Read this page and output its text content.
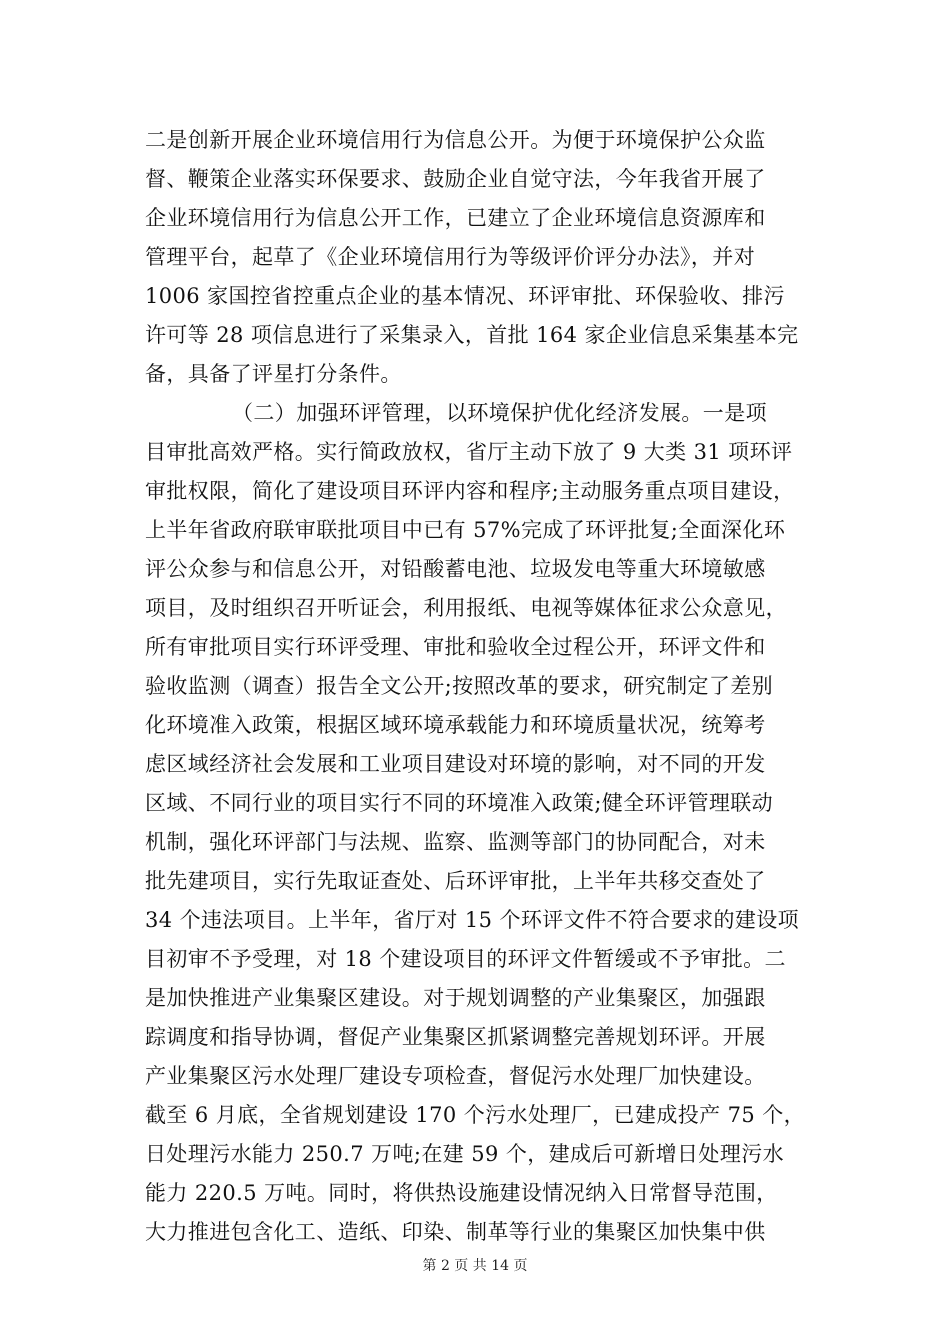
二是创新开展企业环境信用行为信息公开。为便于环境保护公众监
督、鞭策企业落实环保要求、鼓励企业自觉守法，今年我省开展了
企业环境信用行为信息公开工作，已建立了企业环境信息资源库和
管理平台，起草了《企业环境信用行为等级评价评分办法》，并对
1006 家国控省控重点企业的基本情况、环评审批、环保验收、排污
许可等 28 项信息进行了采集录入，首批 164 家企业信息采集基本完
备，具备了评星打分条件。
（二）加强环评管理，以环境保护优化经济发展。一是项
目审批高效严格。实行简政放权，省厅主动下放了 9 大类 31 项环评
审批权限，简化了建设项目环评内容和程序;主动服务重点项目建设，
上半年省政府联审联批项目中已有 57%完成了环评批复;全面深化环
评公众参与和信息公开，对铅酸蓄电池、垃圾发电等重大环境敏感
项目，及时组织召开听证会，利用报纸、电视等媒体征求公众意见，
所有审批项目实行环评受理、审批和验收全过程公开，环评文件和
验收监测（调查）报告全文公开;按照改革的要求，研究制定了差别
化环境准入政策，根据区域环境承载能力和环境质量状况，统筹考
虑区域经济社会发展和工业项目建设对环境的影响，对不同的开发
区域、不同行业的项目实行不同的环境准入政策;健全环评管理联动
机制，强化环评部门与法规、监察、监测等部门的协同配合，对未
批先建项目，实行先取证查处、后环评审批，上半年共移交查处了
34 个违法项目。上半年，省厅对 15 个环评文件不符合要求的建设项
目初审不予受理，对 18 个建设项目的环评文件暂缓或不予审批。二
是加快推进产业集聚区建设。对于规划调整的产业集聚区，加强跟
踪调度和指导协调，督促产业集聚区抓紧调整完善规划环评。开展
产业集聚区污水处理厂建设专项检查，督促污水处理厂加快建设。
截至 6 月底，全省规划建设 170 个污水处理厂，已建成投产 75 个，
日处理污水能力 250.7 万吨;在建 59 个，建成后可新增日处理污水
能力 220.5 万吨。同时，将供热设施建设情况纳入日常督导范围，
大力推进包含化工、造纸、印染、制革等行业的集聚区加快集中供
第 2 页 共 14 页
